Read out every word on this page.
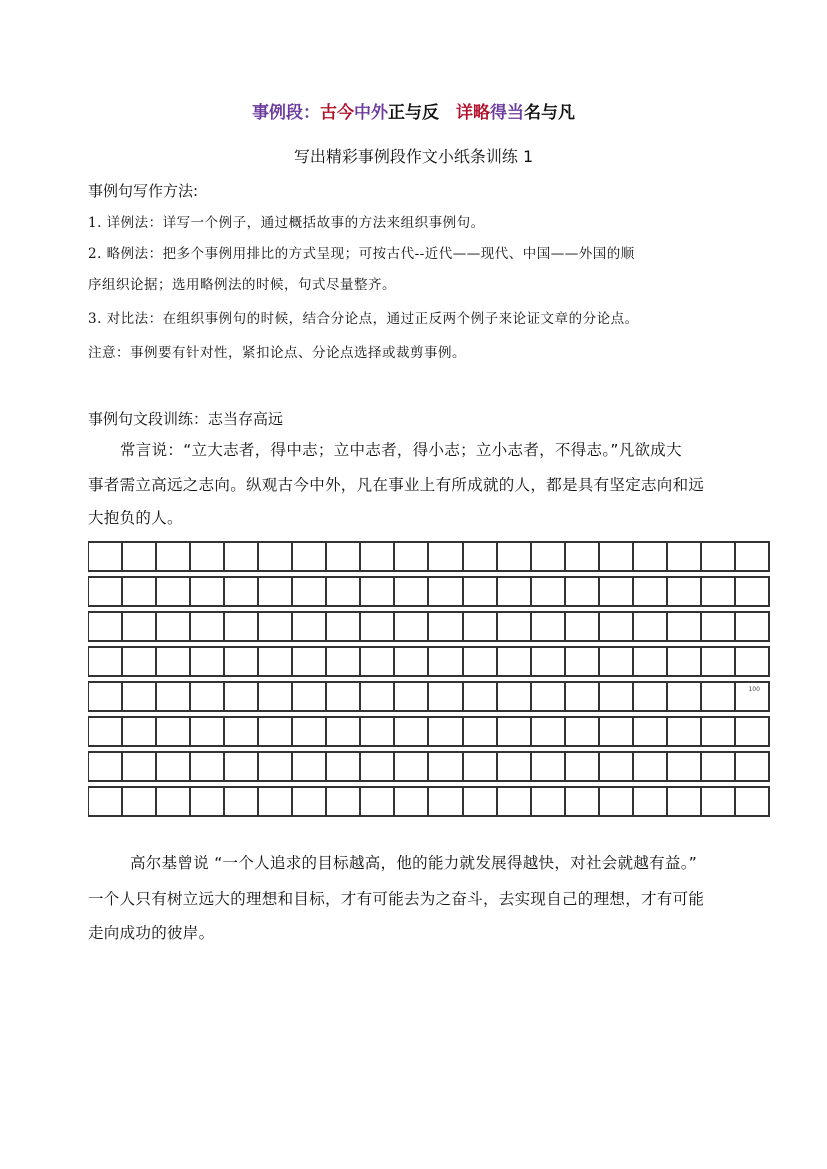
事例段：古今中外正与反　详略得当名与凡
写出精彩事例段作文小纸条训练 1
事例句写作方法:
1. 详例法：详写一个例子，通过概括故事的方法来组织事例句。
2. 略例法：把多个事例用排比的方式呈现；可按古代--近代——现代、中国——外国的顺
序组织论据；选用略例法的时候，句式尽量整齐。
3. 对比法：在组织事例句的时候，结合分论点，通过正反两个例子来论证文章的分论点。
注意：事例要有针对性，紧扣论点、分论点选择或裁剪事例。
事例句文段训练：志当存高远
常言说：“立大志者，得中志；立中志者，得小志；立小志者，不得志。”凡欲成大
事者需立高远之志向。纵观古今中外，凡在事业上有所成就的人，都是具有坚定志向和远
大抱负的人。
100
高尔基曾说 “一个人追求的目标越高，他的能力就发展得越快，对社会就越有益。”
一个人只有树立远大的理想和目标，才有可能去为之奋斗，去实现自己的理想，才有可能
走向成功的彼岸。
